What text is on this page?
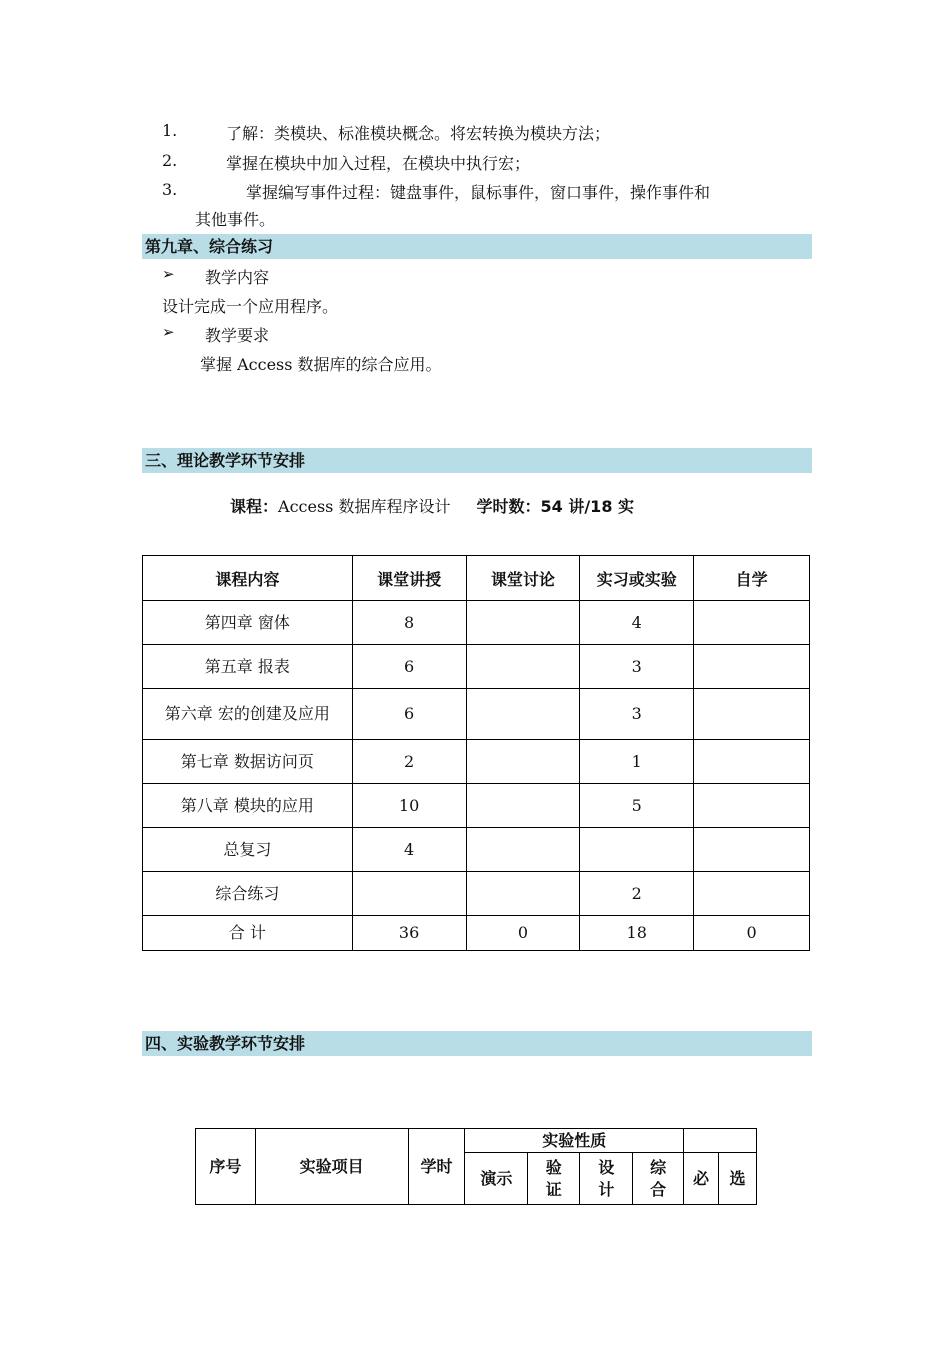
1.	了解：类模块、标准模块概念。将宏转换为模块方法；
2.	掌握在模块中加入过程，在模块中执行宏；
3.	掌握编写事件过程：键盘事件，鼠标事件，窗口事件，操作事件和
其他事件。
第九章、综合练习
➢ 教学内容
设计完成一个应用程序。
➢ 教学要求
掌握 Access 数据库的综合应用。
三、理论教学环节安排
课程：Access 数据库程序设计 学时数：54 讲/18 实
课程内容	课堂讲授	课堂讨论	实习或实验	自学
第四章 窗体	8		4	
第五章 报表	6		3	
第六章 宏的创建及应用	6		3	
第七章 数据访问页	2		1	
第八章 模块的应用	10		5	
总复习	4			
综合练习			2	
合 计	36	0	18	0
四、实验教学环节安排
序号	实验项目	学时	实验性质					
			演示	验证	设计	综合	必	选
